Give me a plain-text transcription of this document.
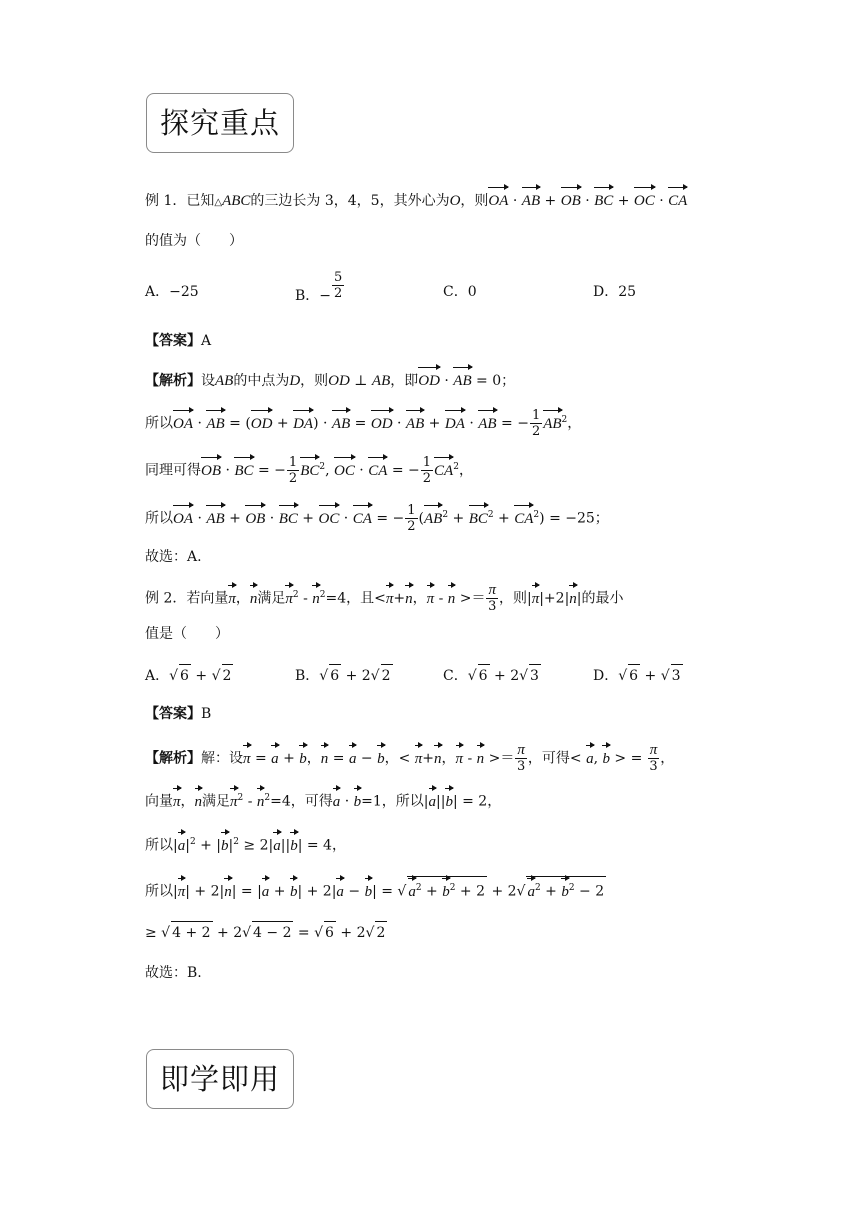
探究重点
例 1．已知△ABC的三边长为 3，4，5，其外心为O，则OA · AB + OB · BC + OC · CA
的值为（　　）
A．−25	B．− $\frac{5}{2}$	C．0	D．25
【答案】A
【解析】设AB的中点为D，则OD ⊥ AB，即OD · AB = 0；
所以OA · AB = (OD + DA) · AB = OD · AB + DA · AB = − $\frac{1}{2} AB^2$，
同理可得OB · BC = − $\frac{1}{2} BC^2$, OC · CA = − $\frac{1}{2} CA^2$，
所以OA · AB + OB · BC + OC · CA = − $\frac{1}{2} (AB^2 + BC^2 + CA^2) = -25$；
故选：A.
例 2．若向量π，n满足$\pi^2 - n^2=4$，且<π+n，$\pi - n >= \frac{\pi}{3}$ ，则|π|+2|n|的最小
值是（　　）
A．√ 6 + √ 2	B．√ 6 + 2√ 2	C．√ 6 + 2√ 3	D．√ 6 + √ 3
【答案】B
【解析】解：设π = a + b，n = a − b，< π+n，$\pi - n >= \frac{\pi}{3}$ ，可得< a, b > = $\frac{\pi}{3}$ ，
向量π，n满足$\pi^2 - n^2=4$，可得a · b=1，所以|a||b| = 2，
所以$|a|^2 + |b|^2 \ge 2|a||b| = 4$，
所以|π| + 2|n| = |a + b| + 2|a − b| = √ $a^2 + b^2 + 2 + 2√$ $a^2 + b^2 - 2$
≥ √ 4 + 2 + 2√ 4 − 2 = √ 6 + 2√ 2
故选：B.
即学即用
